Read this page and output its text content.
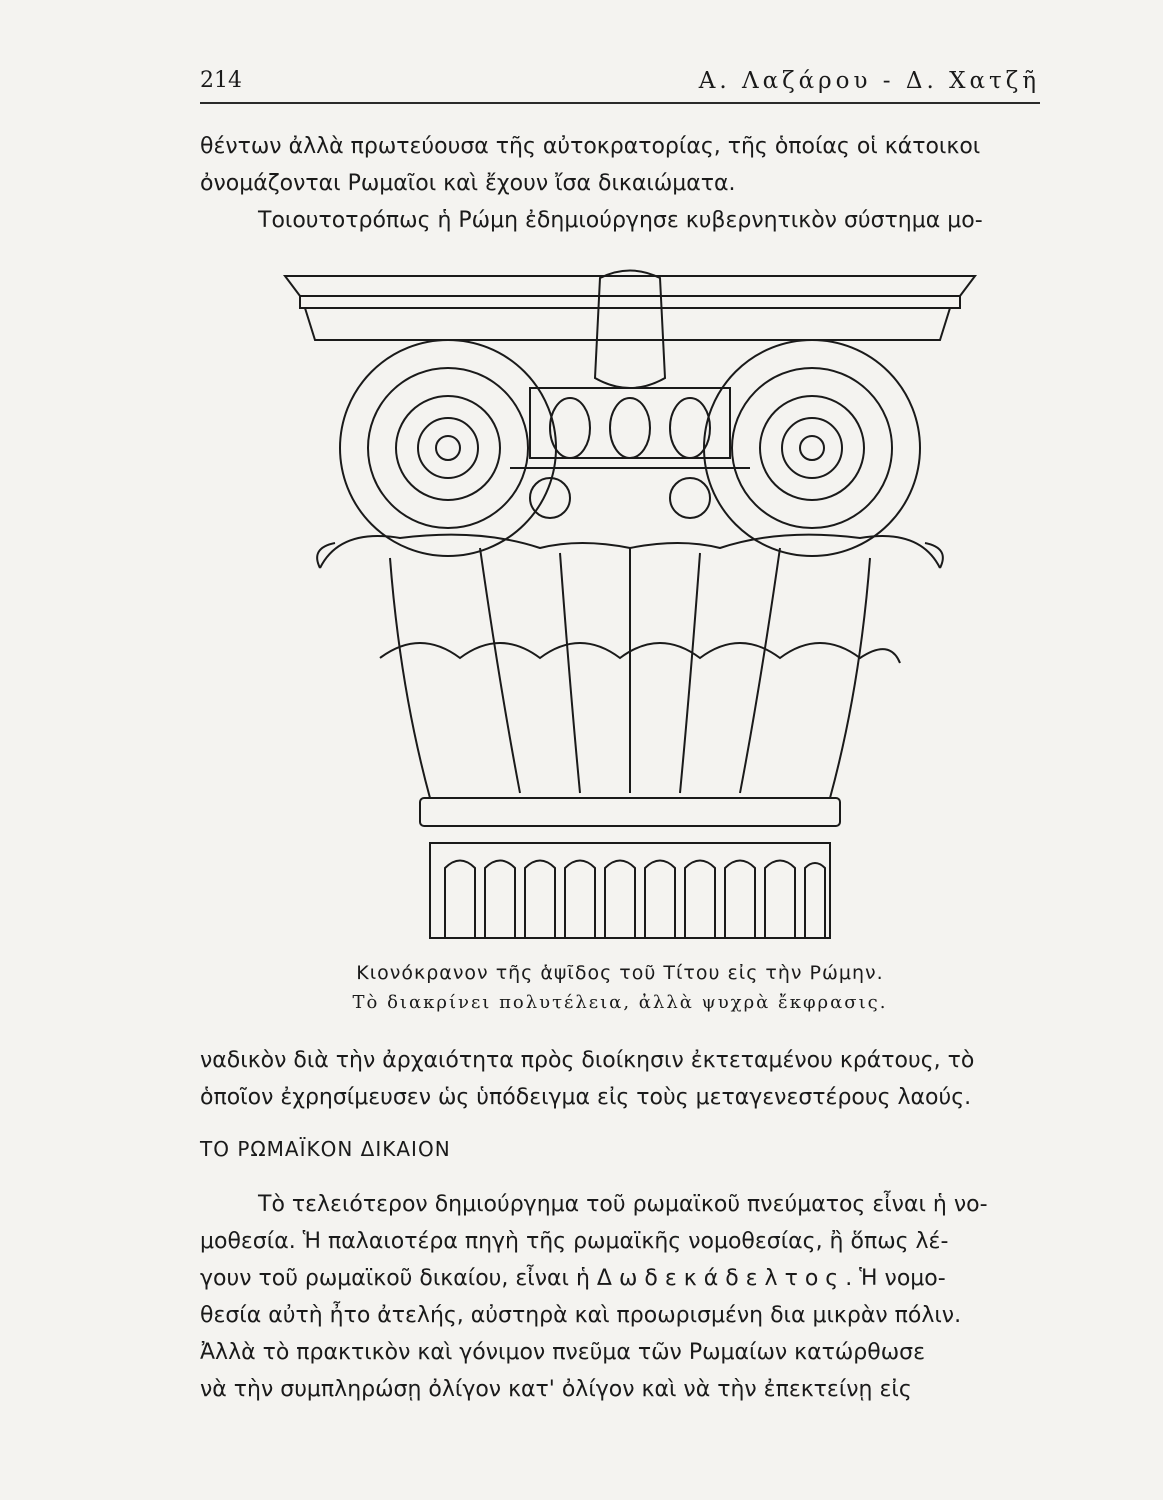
214	Α. Λαζάρου - Δ. Χατζῆ

θέντων ἀλλὰ πρωτεύουσα τῆς αὐτοκρατορίας, τῆς ὁποίας οἱ κάτοικοι
ὀνομάζονται Ρωμαῖοι καὶ ἔχουν ἴσα δικαιώματα.
Τοιουτοτρόπως ἡ Ρώμη ἐδημιούργησε κυβερνητικὸν σύστημα μο-

Κιονόκρανον τῆς ἁψῖδος τοῦ Τίτου εἰς τὴν Ρώμην.

Τὸ διακρίνει πολυτέλεια, ἀλλὰ ψυχρὰ ἔκφρασις.

ναδικὸν διὰ τὴν ἀρχαιότητα πρὸς διοίκησιν ἐκτεταμένου κράτους, τὸ
ὁποῖον ἐχρησίμευσεν ὡς ὑπόδειγμα εἰς τοὺς μεταγενεστέρους λαούς.

ΤΟ ΡΩΜΑΪΚΟΝ ΔΙΚΑΙΟΝ

Τὸ τελειότερον δημιούργημα τοῦ ρωμαϊκοῦ πνεύματος εἶναι ἡ νο-
μοθεσία. Ἡ παλαιοτέρα πηγὴ τῆς ρωμαϊκῆς νομοθεσίας, ἢ ὅπως λέ-
γουν τοῦ ρωμαϊκοῦ δικαίου, εἶναι ἡ Δωδεκάδελτος. Ἡ νομο-
θεσία αὐτὴ ἦτο ἀτελής, αὐστηρὰ καὶ προωρισμένη δια μικρὰν πόλιν.
Ἀλλὰ τὸ πρακτικὸν καὶ γόνιμον πνεῦμα τῶν Ρωμαίων κατώρθωσε
νὰ τὴν συμπληρώσῃ ὀλίγον κατ' ὀλίγον καὶ νὰ τὴν ἐπεκτείνῃ εἰς
